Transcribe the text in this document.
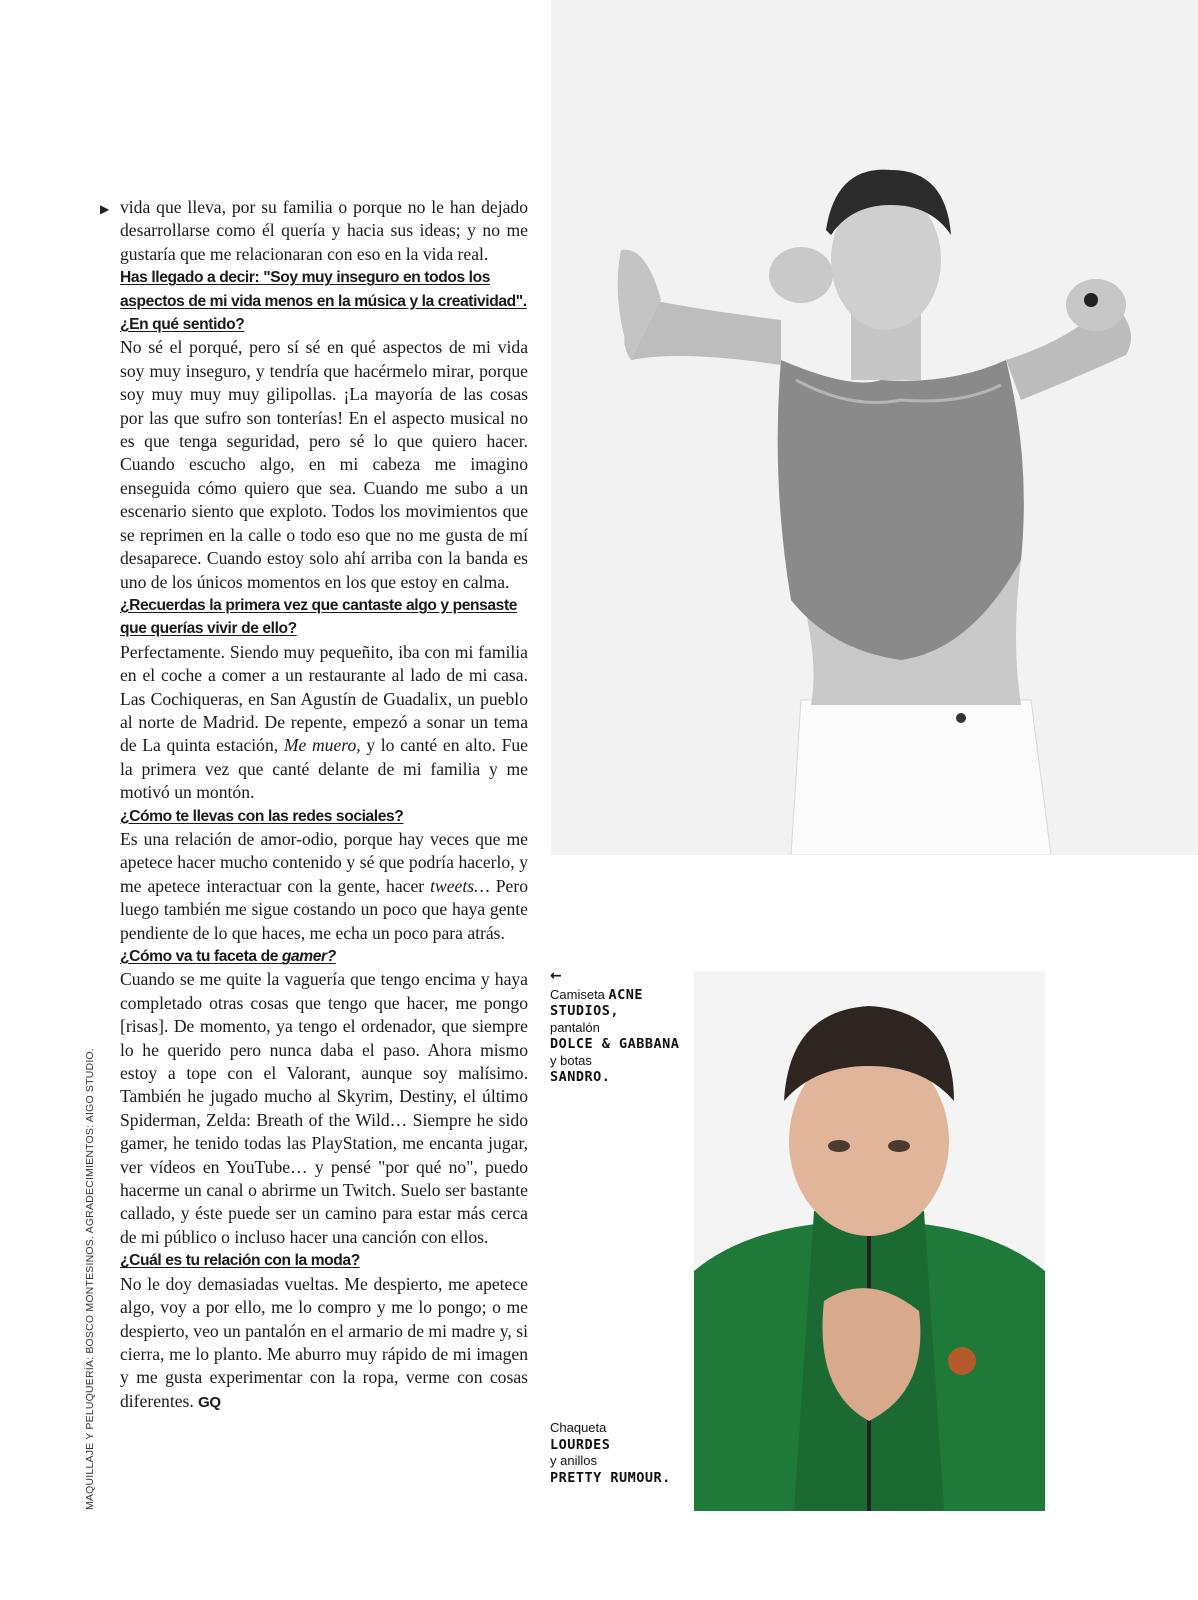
MAQUILLAJE Y PELUQUERÍA: BOSCO MONTESINOS. AGRADECIMIENTOS: AIGO STUDIO.
▶ vida que lleva, por su familia o porque no le han dejado desarrollarse como él quería y hacia sus ideas; y no me gustaría que me relacionaran con eso en la vida real.

Has llegado a decir: "Soy muy inseguro en todos los aspectos de mi vida menos en la música y la creatividad". ¿En qué sentido?

No sé el porqué, pero sí sé en qué aspectos de mi vida soy muy inseguro, y tendría que hacérmelo mirar, porque soy muy muy muy gilipollas. ¡La mayoría de las cosas por las que sufro son tonterías! En el aspecto musical no es que tenga seguridad, pero sé lo que quiero hacer. Cuando escucho algo, en mi cabeza me imagino enseguida cómo quiero que sea. Cuando me subo a un escenario siento que exploto. Todos los movimientos que se reprimen en la calle o todo eso que no me gusta de mí desaparece. Cuando estoy solo ahí arriba con la banda es uno de los únicos momentos en los que estoy en calma.

¿Recuerdas la primera vez que cantaste algo y pensaste que querías vivir de ello?

Perfectamente. Siendo muy pequeñito, iba con mi familia en el coche a comer a un restaurante al lado de mi casa. Las Cochiqueras, en San Agustín de Guadalix, un pueblo al norte de Madrid. De repente, empezó a sonar un tema de La quinta estación, Me muero, y lo canté en alto. Fue la primera vez que canté delante de mi familia y me motivó un montón.

¿Cómo te llevas con las redes sociales?

Es una relación de amor-odio, porque hay veces que me apetece hacer mucho contenido y sé que podría hacerlo, y me apetece interactuar con la gente, hacer tweets… Pero luego también me sigue costando un poco que haya gente pendiente de lo que haces, me echa un poco para atrás.

¿Cómo va tu faceta de gamer?

Cuando se me quite la vaguería que tengo encima y haya completado otras cosas que tengo que hacer, me pongo [risas]. De momento, ya tengo el ordenador, que siempre lo he querido pero nunca daba el paso. Ahora mismo estoy a tope con el Valorant, aunque soy malísimo. También he jugado mucho al Skyrim, Destiny, el último Spiderman, Zelda: Breath of the Wild… Siempre he sido gamer, he tenido todas las PlayStation, me encanta jugar, ver vídeos en YouTube… y pensé "por qué no", puedo hacerme un canal o abrirme un Twitch. Suelo ser bastante callado, y éste puede ser un camino para estar más cerca de mi público o incluso hacer una canción con ellos.

¿Cuál es tu relación con la moda?

No le doy demasiadas vueltas. Me despierto, me apetece algo, voy a por ello, me lo compro y me lo pongo; o me despierto, veo un pantalón en el armario de mi madre y, si cierra, me lo planto. Me aburro muy rápido de mi imagen y me gusta experimentar con la ropa, verme con cosas diferentes. GQ

←
Camiseta ACNE STUDIOS,
pantalón
DOLCE & GABBANA
y botas
SANDRO.
Chaqueta
LOURDES
y anillos
PRETTY RUMOUR.
